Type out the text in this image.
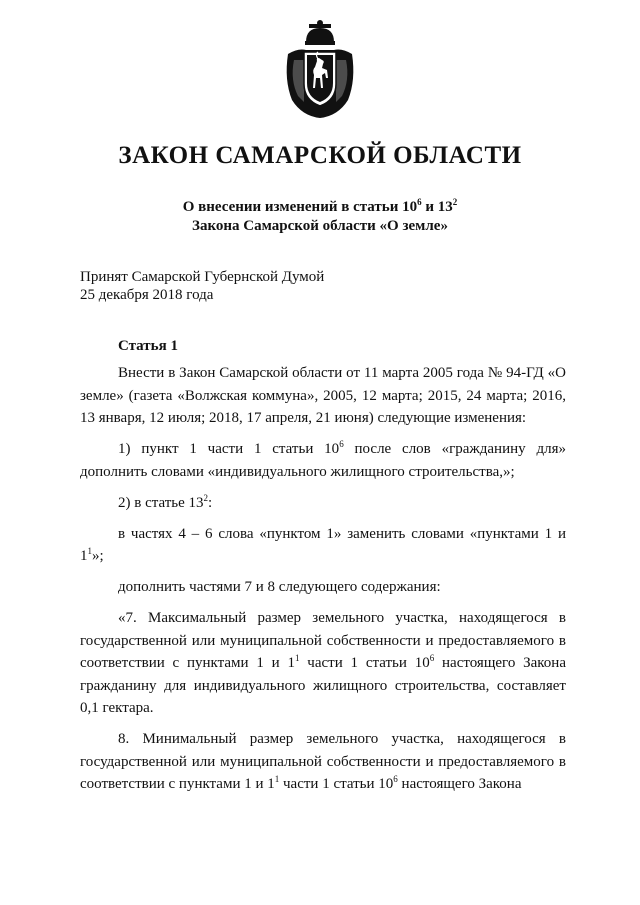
ЗАКОН САМАРСКОЙ ОБЛАСТИ
О внесении изменений в статьи $10^6$ и $13^2$
Закона Самарской области «О земле»
Принят Самарской Губернской Думой
25 декабря 2018 года
Статья 1

Внести в Закон Самарской области от 11 марта 2005 года № 94-ГД «О земле» (газета «Волжская коммуна», 2005, 12 марта; 2015, 24 марта; 2016, 13 января, 12 июля; 2018, 17 апреля, 21 июня) следующие изменения:

1) пункт 1 части 1 статьи $10^6$ после слов «гражданину для» дополнить словами «индивидуального жилищного строительства,»;

2) в статье $13^2$:

в частях 4 – 6 слова «пунктом 1» заменить словами «пунктами 1 и $1^1$»;

дополнить частями 7 и 8 следующего содержания:

«7. Максимальный размер земельного участка, находящегося в государственной или муниципальной собственности и предоставляемого в соответствии с пунктами 1 и $1^1$ части 1 статьи $10^6$ настоящего Закона гражданину для индивидуального жилищного строительства, составляет 0,1 гектара.

8. Минимальный размер земельного участка, находящегося в государственной или муниципальной собственности и предоставляемого в соответствии с пунктами 1 и $1^1$ части 1 статьи $10^6$ настоящего Закона
